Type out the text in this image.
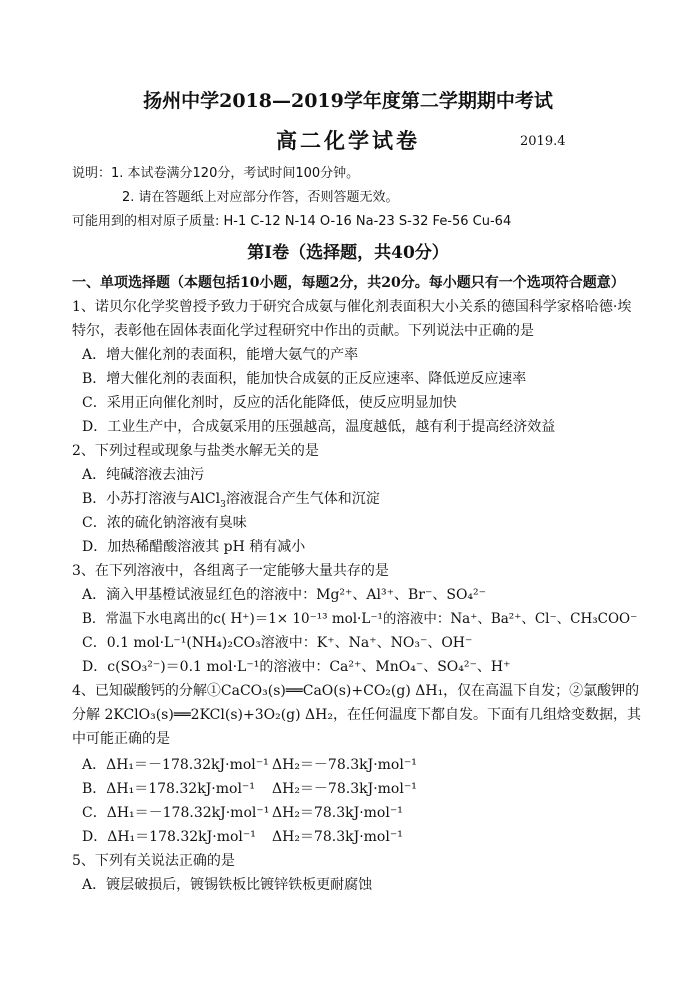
扬州中学2018—2019学年度第二学期期中考试
高二化学试卷	2019.4
说明：1. 本试卷满分120分，考试时间100分钟。
2. 请在答题纸上对应部分作答，否则答题无效。
可能用到的相对原子质量: H-1 C-12 N-14 O-16 Na-23 S-32 Fe-56 Cu-64
第Ⅰ卷（选择题，共40分）
一、单项选择题（本题包括10小题，每题2分，共20分。每小题只有一个选项符合题意）
1、诺贝尔化学奖曾授予致力于研究合成氨与催化剂表面积大小关系的德国科学家格哈德·埃
特尔，表彰他在固体表面化学过程研究中作出的贡献。下列说法中正确的是
A．增大催化剂的表面积，能增大氨气的产率
B．增大催化剂的表面积，能加快合成氨的正反应速率、降低逆反应速率
C．采用正向催化剂时，反应的活化能降低，使反应明显加快
D．工业生产中，合成氨采用的压强越高，温度越低，越有利于提高经济效益
2、下列过程或现象与盐类水解无关的是
A．纯碱溶液去油污
B．小苏打溶液与AlCl$_3$溶液混合产生气体和沉淀
C．浓的硫化钠溶液有臭味
D．加热稀醋酸溶液其 pH 稍有减小
3、在下列溶液中，各组离子一定能够大量共存的是
A．滴入甲基橙试液显红色的溶液中：Mg²⁺、Al³⁺、Br⁻、SO₄²⁻
B．常温下水电离出的c( H⁺)＝1× 10⁻¹³ mol·L⁻¹的溶液中：Na⁺、Ba²⁺、Cl⁻、CH₃COO⁻
C．0.1 mol·L⁻¹(NH₄)₂CO₃溶液中：K⁺、Na⁺、NO₃⁻、OH⁻
D．c(SO₃²⁻)＝0.1 mol·L⁻¹的溶液中：Ca²⁺、MnO₄⁻、SO₄²⁻、H⁺
4、已知碳酸钙的分解①CaCO₃(s)══CaO(s)+CO₂(g) ΔH₁，仅在高温下自发；②氯酸钾的
分解 2KClO₃(s)══2KCl(s)+3O₂(g) ΔH₂，在任何温度下都自发。下面有几组焓变数据，其
中可能正确的是
A．ΔH₁＝－178.32kJ·mol⁻¹ ΔH₂＝－78.3kJ·mol⁻¹
B．ΔH₁＝178.32kJ·mol⁻¹ ΔH₂＝－78.3kJ·mol⁻¹
C．ΔH₁＝－178.32kJ·mol⁻¹ ΔH₂＝78.3kJ·mol⁻¹
D．ΔH₁＝178.32kJ·mol⁻¹ ΔH₂＝78.3kJ·mol⁻¹
5、下列有关说法正确的是
A．镀层破损后，镀锡铁板比镀锌铁板更耐腐蚀
